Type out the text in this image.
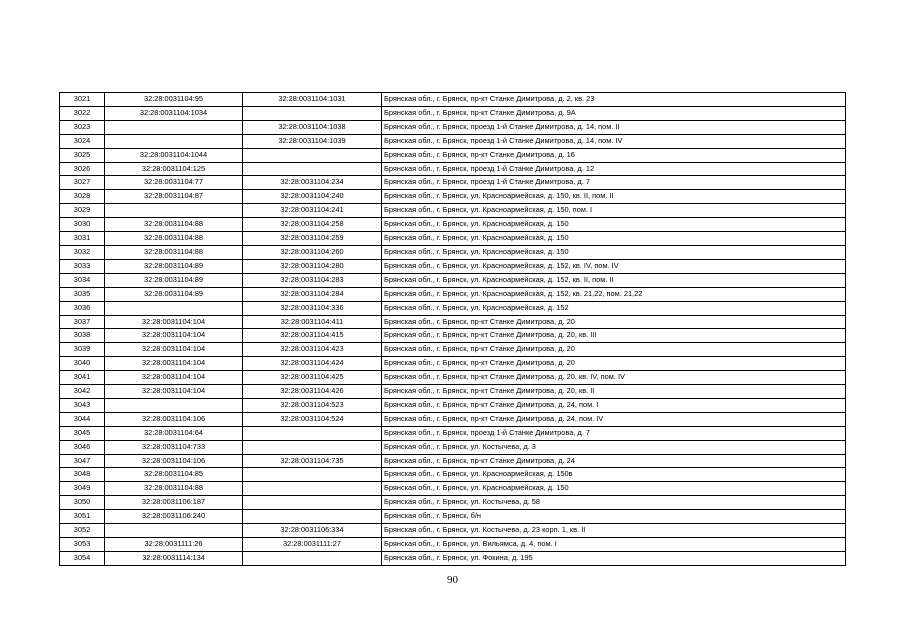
3021	32:28:0031104:95	32:28:0031104:1031	Брянская обл., г. Брянск, пр-кт Станке Димитрова, д. 2, кв. 23
3022	32:28:0031104:1034		Брянская обл., г. Брянск, пр-кт Станке Димитрова, д. 9А
3023		32:28:0031104:1038	Брянская обл., г. Брянск, проезд 1-й Станке Димитрова, д. 14, пом. II
3024		32:28:0031104:1039	Брянская обл., г. Брянск, проезд 1-й Станке Димитрова, д. 14, пом. IV
3025	32:28:0031104:1044		Брянская обл., г. Брянск, пр-кт Станке Димитрова, д. 16
3026	32:28:0031104:125		Брянская обл., г. Брянск, проезд 1-й Станке Димитрова, д. 12
3027	32:28:0031104:77	32:28:0031104:234	Брянская обл., г. Брянск, проезд 1-й Станке Димитрова, д. 7
3028	32:28:0031104:87	32:28:0031104:240	Брянская обл., г. Брянск, ул. Красноармейская, д. 150, кв. II, пом. II
3029		32:28:0031104:241	Брянская обл., г. Брянск, ул. Красноармейская, д. 150, пом. I
3030	32:28:0031104:88	32:28:0031104:258	Брянская обл., г. Брянск, ул. Красноармейская, д. 150
3031	32:28:0031104:88	32:28:0031104:259	Брянская обл., г. Брянск, ул. Красноармейская, д. 150
3032	32:28:0031104:88	32:28:0031104:260	Брянская обл., г. Брянск, ул. Красноармейская, д. 150
3033	32:28:0031104:89	32:28:0031104:280	Брянская обл., г. Брянск, ул. Красноармейская, д. 152, кв. IV, пом. IV
3034	32:28:0031104:89	32:28:0031104:283	Брянская обл., г. Брянск, ул. Красноармейская, д. 152, кв. II, пом. II
3035	32:28:0031104:89	32:28:0031104:284	Брянская обл., г. Брянск, ул. Красноармейская, д. 152, кв. 21,22, пом. 21,22
3036		32:28:0031104:336	Брянская обл., г. Брянск, ул. Красноармейская, д. 152
3037	32:28:0031104:104	32:28:0031104:411	Брянская обл., г. Брянск, пр-кт Станке Димитрова, д. 20
3038	32:28:0031104:104	32:28:0031104:415	Брянская обл., г. Брянск, пр-кт Станке Димитрова, д. 20, кв. III
3039	32:28:0031104:104	32:28:0031104:423	Брянская обл., г. Брянск, пр-кт Станке Димитрова, д. 20
3040	32:28:0031104:104	32:28:0031104:424	Брянская обл., г. Брянск, пр-кт Станке Димитрова, д. 20
3041	32:28:0031104:104	32:28:0031104:425	Брянская обл., г. Брянск, пр-кт Станке Димитрова, д. 20, кв. IV, пом. IV
3042	32:28:0031104:104	32:28:0031104:426	Брянская обл., г. Брянск, пр-кт Станке Димитрова, д. 20, кв. II
3043		32:28:0031104:523	Брянская обл., г. Брянск, пр-кт Станке Димитрова, д. 24, пом. I
3044	32:28:0031104:106	32:28:0031104:524	Брянская обл., г. Брянск, пр-кт Станке Димитрова, д. 24, пом. IV
3045	32:28:0031104:64		Брянская обл., г. Брянск, проезд 1-й Станке Димитрова, д. 7
3046	32:28:0031104:733		Брянская обл., г. Брянск, ул. Костычева, д. 3
3047	32:28:0031104:106	32:28:0031104:735	Брянская обл., г. Брянск, пр-кт Станке Димитрова, д. 24
3048	32:28:0031104:85		Брянская обл., г. Брянск, ул. Красноармейская, д. 150в
3049	32:28:0031104:88		Брянская обл., г. Брянск, ул. Красноармейская, д. 150
3050	32:28:0031106:187		Брянская обл., г. Брянск, ул. Костычева, д. 58
3051	32:28:0031106:240		Брянская обл., г. Брянск, б/н
3052		32:28:0031106:334	Брянская обл., г. Брянск, ул. Костычева, д. 23 корп. 1, кв. II
3053	32:28:0031111:26	32:28:0031111:27	Брянская обл., г. Брянск, ул. Вильямса, д. 4, пом. I
3054	32:28:0031114:134		Брянская обл., г. Брянск, ул. Фокина, д. 195
90
